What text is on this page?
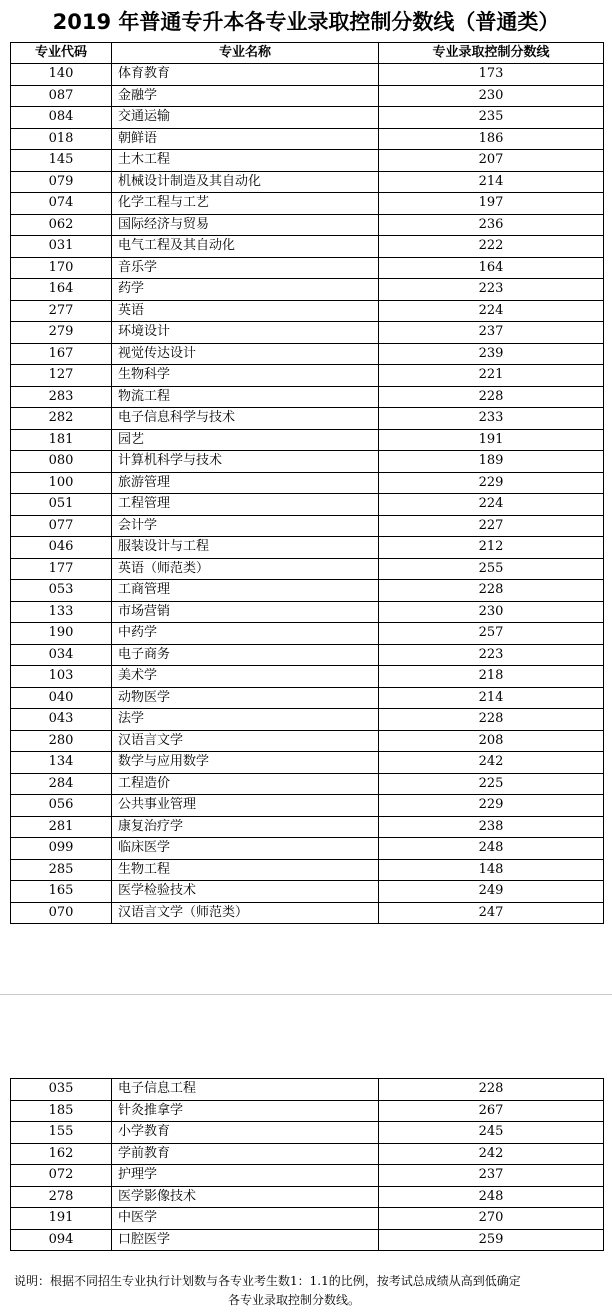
2019 年普通专升本各专业录取控制分数线（普通类）
专业代码	专业名称	专业录取控制分数线
140	体育教育	173
087	金融学	230
084	交通运输	235
018	朝鲜语	186
145	土木工程	207
079	机械设计制造及其自动化	214
074	化学工程与工艺	197
062	国际经济与贸易	236
031	电气工程及其自动化	222
170	音乐学	164
164	药学	223
277	英语	224
279	环境设计	237
167	视觉传达设计	239
127	生物科学	221
283	物流工程	228
282	电子信息科学与技术	233
181	园艺	191
080	计算机科学与技术	189
100	旅游管理	229
051	工程管理	224
077	会计学	227
046	服装设计与工程	212
177	英语（师范类）	255
053	工商管理	228
133	市场营销	230
190	中药学	257
034	电子商务	223
103	美术学	218
040	动物医学	214
043	法学	228
280	汉语言文学	208
134	数学与应用数学	242
284	工程造价	225
056	公共事业管理	229
281	康复治疗学	238
099	临床医学	248
285	生物工程	148
165	医学检验技术	249
070	汉语言文学（师范类）	247
035	电子信息工程	228
185	针灸推拿学	267
155	小学教育	245
162	学前教育	242
072	护理学	237
278	医学影像技术	248
191	中医学	270
094	口腔医学	259
说明：根据不同招生专业执行计划数与各专业考生数1：1.1的比例，按考试总成绩从高到低确定
各专业录取控制分数线。
